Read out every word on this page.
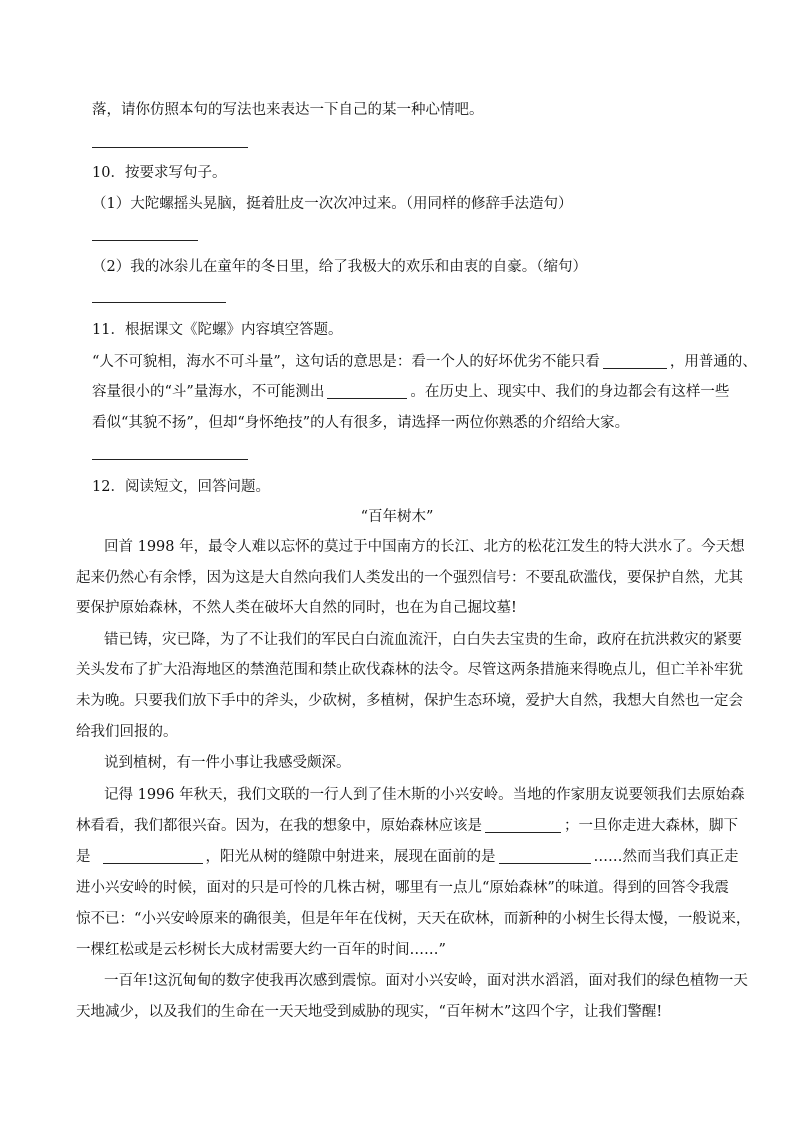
落，请你仿照本句的写法也来表达一下自己的某一种心情吧。
10．按要求写句子。
（1）大陀螺摇头晃脑，挺着肚皮一次次冲过来。（用同样的修辞手法造句）
（2）我的冰尜儿在童年的冬日里，给了我极大的欢乐和由衷的自豪。（缩句）
11．根据课文《陀螺》内容填空答题。
“人不可貌相，海水不可斗量”，这句话的意思是：看一个人的好坏优劣不能只看	，用普通的、
容量很小的“斗”量海水，不可能测出	。在历史上、现实中、我们的身边都会有这样一些
看似“其貌不扬”，但却“身怀绝技”的人有很多，请选择一两位你熟悉的介绍给大家。
12．阅读短文，回答问题。
“百年树木”
回首 1998 年，最令人难以忘怀的莫过于中国南方的长江、北方的松花江发生的特大洪水了。今天想
起来仍然心有余悸，因为这是大自然向我们人类发出的一个强烈信号：不要乱砍滥伐，要保护自然，尤其
要保护原始森林，不然人类在破坏大自然的同时，也在为自己掘坟墓!
错已铸，灾已降，为了不让我们的军民白白流血流汗，白白失去宝贵的生命，政府在抗洪救灾的紧要
关头发布了扩大沿海地区的禁渔范围和禁止砍伐森林的法令。尽管这两条措施来得晚点儿，但亡羊补牢犹
未为晚。只要我们放下手中的斧头，少砍树，多植树，保护生态环境，爱护大自然，我想大自然也一定会
给我们回报的。
说到植树，有一件小事让我感受颇深。
记得 1996 年秋天，我们文联的一行人到了佳木斯的小兴安岭。当地的作家朋友说要领我们去原始森
林看看，我们都很兴奋。因为，在我的想象中，原始森林应该是	；一旦你走进大森林，脚下
是	，阳光从树的缝隙中射进来，展现在面前的是	……然而当我们真正走
进小兴安岭的时候，面对的只是可怜的几株古树，哪里有一点儿“原始森林”的味道。得到的回答令我震
惊不已：“小兴安岭原来的确很美，但是年年在伐树，天天在砍林，而新种的小树生长得太慢，一般说来，
一棵红松或是云杉树长大成材需要大约一百年的时间……”
一百年!这沉甸甸的数字使我再次感到震惊。面对小兴安岭，面对洪水滔滔，面对我们的绿色植物一天
天地减少，以及我们的生命在一天天地受到威胁的现实，“百年树木”这四个字，让我们警醒!
